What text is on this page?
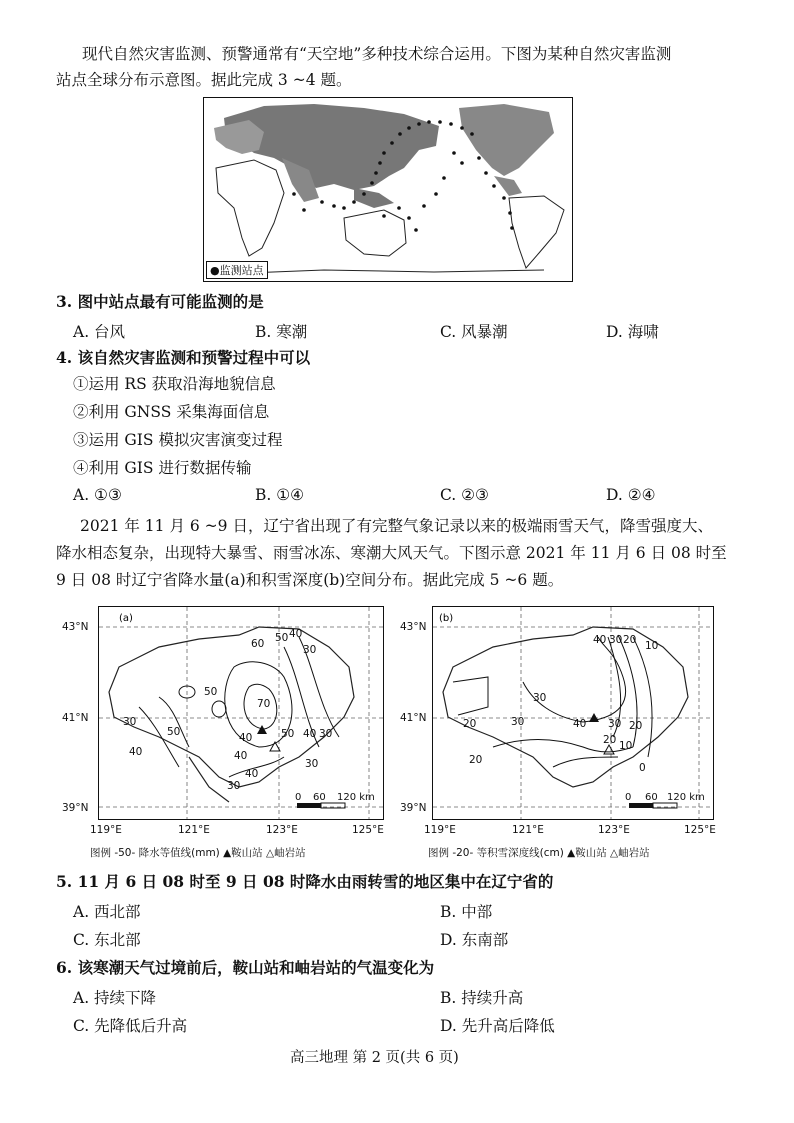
现代自然灾害监测、预警通常有“天空地”多种技术综合运用。下图为某种自然灾害监测
站点全球分布示意图。据此完成 3 ~4 题。
●监测站点
3. 图中站点最有可能监测的是
A. 台风	B. 寒潮	C. 风暴潮	D. 海啸
4. 该自然灾害监测和预警过程中可以
①运用 RS 获取沿海地貌信息
②利用 GNSS 采集海面信息
③运用 GIS 模拟灾害演变过程
④利用 GIS 进行数据传输
A. ①③	B. ①④	C. ②③	D. ②④
2021 年 11 月 6 ~9 日，辽宁省出现了有完整气象记录以来的极端雨雪天气，降雪强度大、
降水相态复杂，出现特大暴雪、雨雪冰冻、寒潮大风天气。下图示意 2021 年 11 月 6 日 08 时至
9 日 08 时辽宁省降水量(a)和积雪深度(b)空间分布。据此完成 5 ~6 题。
43°N
41°N
39°N
(a)
60 50 40
30
50
70
40
30
50
40
30
40
30
30
40
50
40
0 60 120 km
119°E	121°E	123°E	125°E
图例 -50- 降水等值线(mm) ▲鞍山站 △岫岩站
43°N
41°N
39°N
(b)
40 30 20 10
30
30	40 30
20
20
20
20
10
0
0 60 120 km
119°E	121°E	123°E	125°E
图例 -20- 等积雪深度线(cm) ▲鞍山站 △岫岩站
5. 11 月 6 日 08 时至 9 日 08 时降水由雨转雪的地区集中在辽宁省的
A. 西北部	B. 中部
C. 东北部	D. 东南部
6. 该寒潮天气过境前后，鞍山站和岫岩站的气温变化为
A. 持续下降	B. 持续升高
C. 先降低后升高	D. 先升高后降低
高三地理 第 2 页(共 6 页)
